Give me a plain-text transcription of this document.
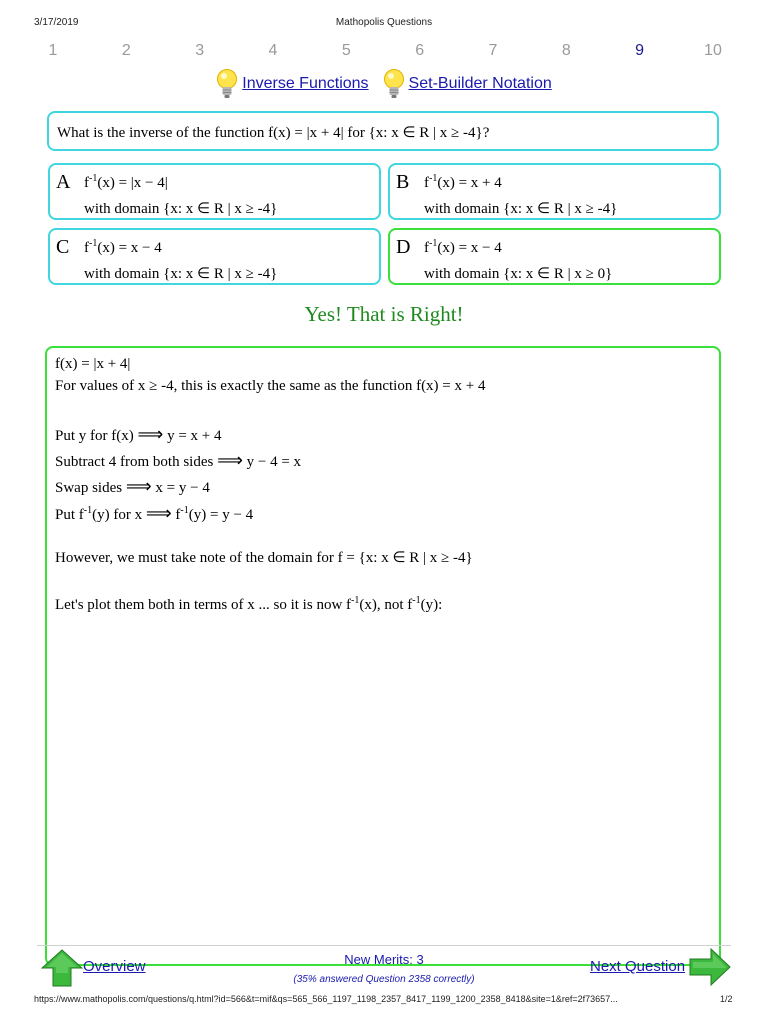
3/17/2019	Mathopolis Questions
1	2	3	4	5	6	7	8	9	10
Inverse Functions	Set-Builder Notation
What is the inverse of the function f(x) = |x + 4| for {x: x ∈ R | x ≥ -4}?
A $f^{-1}(x) = |x - 4|$
with domain {x: x ∈ R | x ≥ -4}
B $f^{-1}(x) = x + 4$
with domain {x: x ∈ R | x ≥ -4}
C $f^{-1}(x) = x - 4$
with domain {x: x ∈ R | x ≥ -4}
D $f^{-1}(x) = x - 4$
with domain {x: x ∈ R | x ≥ 0}
Yes! That is Right!
f(x) = |x + 4|
For values of x ≥ -4, this is exactly the same as the function f(x) = x + 4
Put y for f(x) ⟹ y = x + 4
Subtract 4 from both sides ⟹ y − 4 = x
Swap sides ⟹ x = y − 4
Put $f^{-1}(y)$ for x ⟹ $f^{-1}(y) = y - 4$
However, we must take note of the domain for f = {x: x ∈ R | x ≥ -4}
Let's plot them both in terms of x ... so it is now $f^{-1}(x)$, not $f^{-1}(y)$:
Overview	New Merits: 3
(35% answered Question 2358 correctly)
Next Question
https://www.mathopolis.com/questions/q.html?id=566&t=mif&qs=565_566_1197_1198_2357_8417_1199_1200_2358_8418&site=1&ref=2f73657...	1/2
